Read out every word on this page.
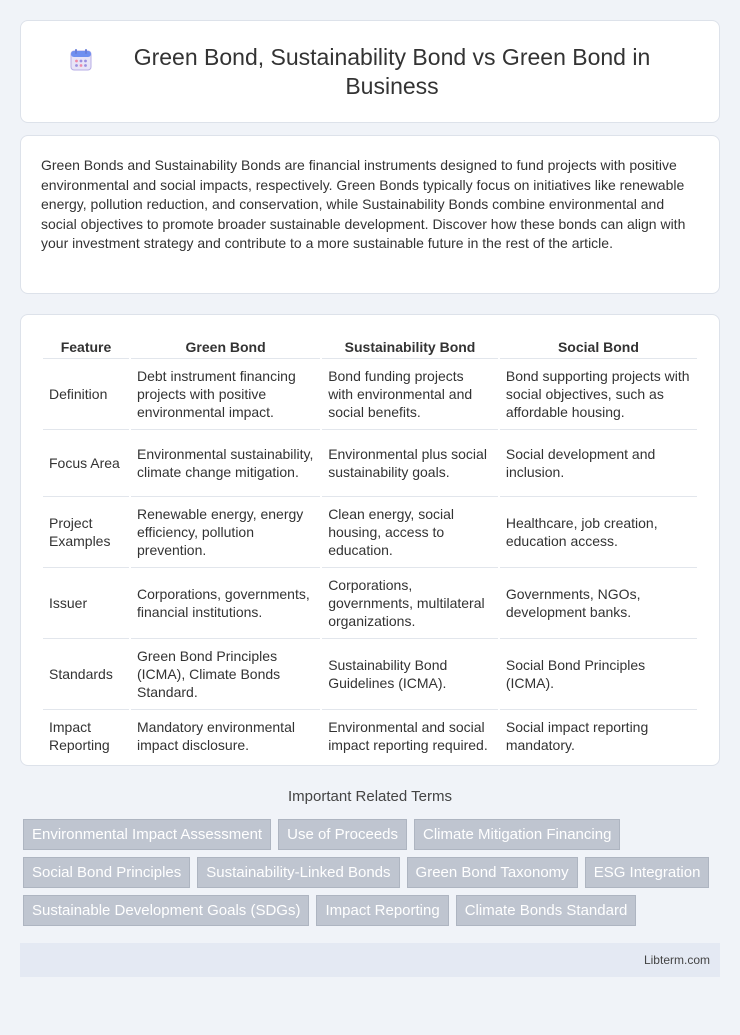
Green Bond, Sustainability Bond vs Green Bond in Business

Green Bonds and Sustainability Bonds are financial instruments designed to fund projects with positive environmental and social impacts, respectively. Green Bonds typically focus on initiatives like renewable energy, pollution reduction, and conservation, while Sustainability Bonds combine environmental and social objectives to promote broader sustainable development. Discover how these bonds can align with your investment strategy and contribute to a more sustainable future in the rest of the article.

Feature	Green Bond	Sustainability Bond	Social Bond
Definition	Debt instrument financing projects with positive environmental impact.	Bond funding projects with environmental and social benefits.	Bond supporting projects with social objectives, such as affordable housing.
Focus Area	Environmental sustainability, climate change mitigation.	Environmental plus social sustainability goals.	Social development and inclusion.
Project Examples	Renewable energy, energy efficiency, pollution prevention.	Clean energy, social housing, access to education.	Healthcare, job creation, education access.
Issuer	Corporations, governments, financial institutions.	Corporations, governments, multilateral organizations.	Governments, NGOs, development banks.
Standards	Green Bond Principles (ICMA), Climate Bonds Standard.	Sustainability Bond Guidelines (ICMA).	Social Bond Principles (ICMA).
Impact Reporting	Mandatory environmental impact disclosure.	Environmental and social impact reporting required.	Social impact reporting mandatory.
Important Related Terms
Environmental Impact Assessment	Use of Proceeds	Climate Mitigation Financing
Social Bond Principles	Sustainability-Linked Bonds	Green Bond Taxonomy	ESG Integration
Sustainable Development Goals (SDGs)	Impact Reporting	Climate Bonds Standard
Libterm.com
